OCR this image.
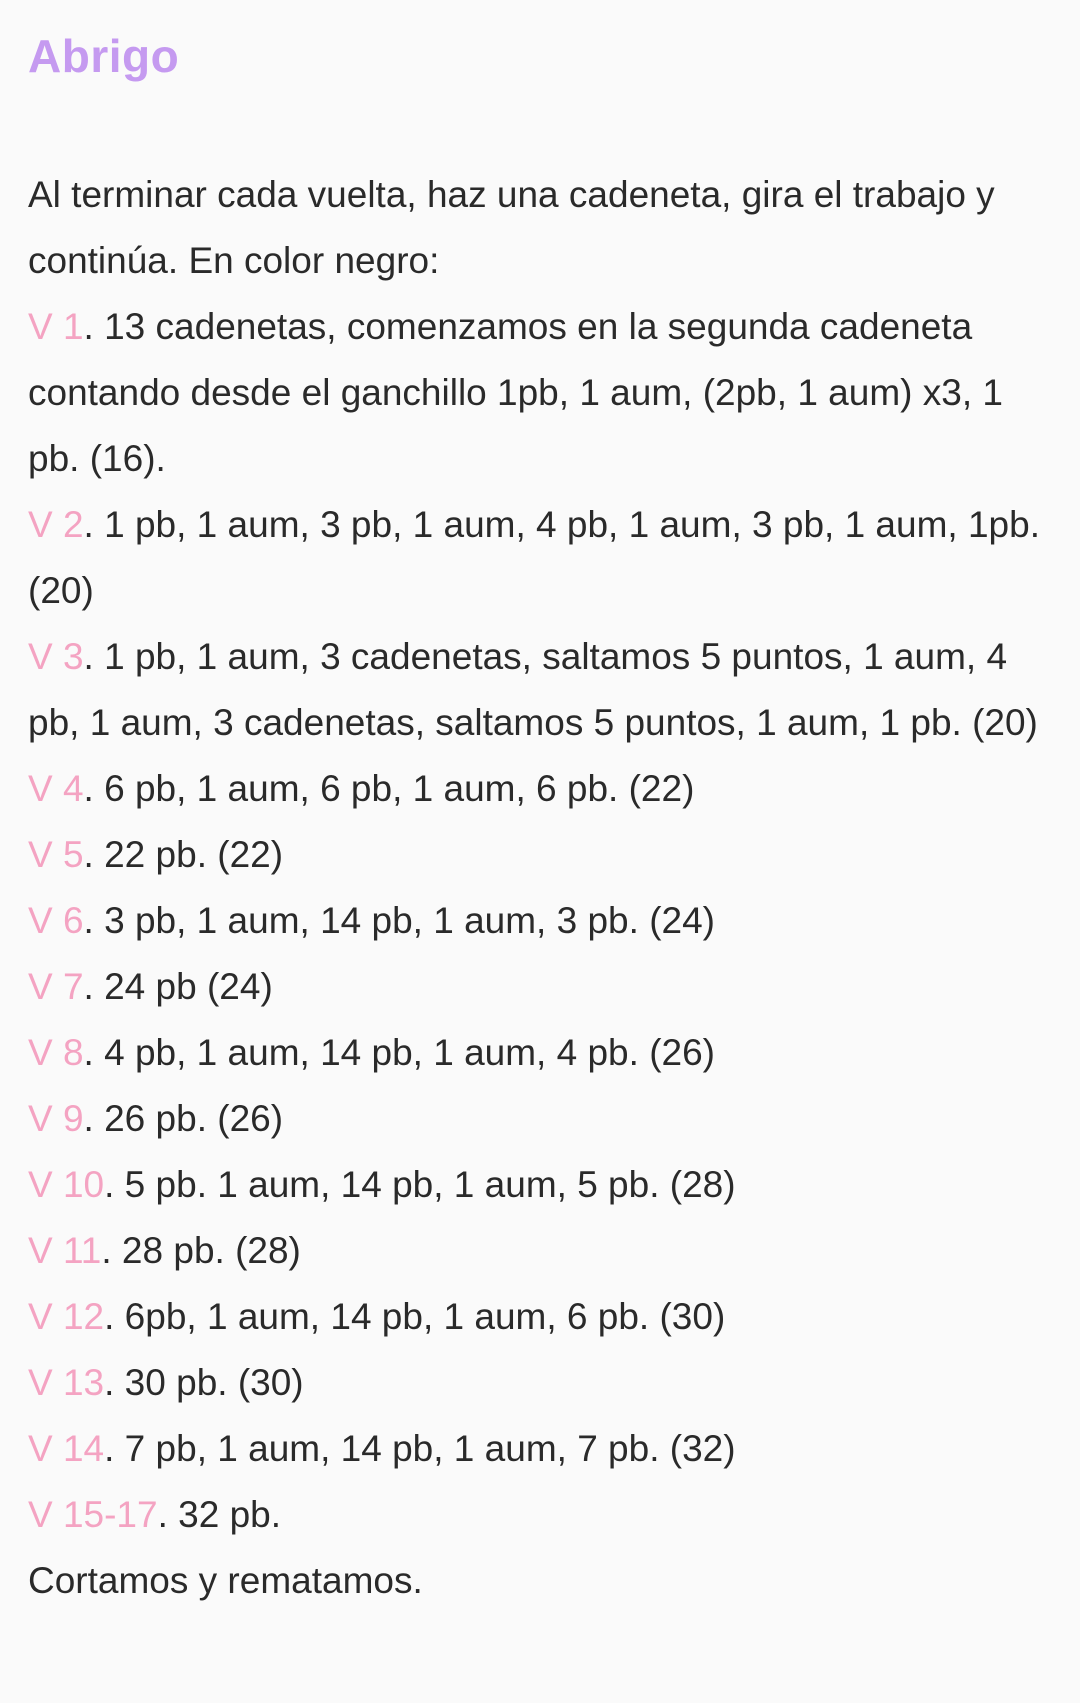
Abrigo

Al terminar cada vuelta, haz una cadeneta, gira el trabajo y continúa. En color negro:

V 1. 13 cadenetas, comenzamos en la segunda cadeneta contando desde el ganchillo 1pb, 1 aum, (2pb, 1 aum) x3, 1 pb. (16).

V 2. 1 pb, 1 aum, 3 pb, 1 aum, 4 pb, 1 aum, 3 pb, 1 aum, 1pb. (20)

V 3. 1 pb, 1 aum, 3 cadenetas, saltamos 5 puntos, 1 aum, 4 pb, 1 aum, 3 cadenetas, saltamos 5 puntos, 1 aum, 1 pb. (20)

V 4. 6 pb, 1 aum, 6 pb, 1 aum, 6 pb. (22)

V 5. 22 pb. (22)

V 6. 3 pb, 1 aum, 14 pb, 1 aum, 3 pb. (24)

V 7. 24 pb (24)

V 8. 4 pb, 1 aum, 14 pb, 1 aum, 4 pb. (26)

V 9. 26 pb. (26)

V 10. 5 pb. 1 aum, 14 pb, 1 aum, 5 pb. (28)

V 11. 28 pb. (28)

V 12. 6pb, 1 aum, 14 pb, 1 aum, 6 pb. (30)

V 13. 30 pb. (30)

V 14. 7 pb, 1 aum, 14 pb, 1 aum, 7 pb. (32)

V 15-17. 32 pb.

Cortamos y rematamos.
